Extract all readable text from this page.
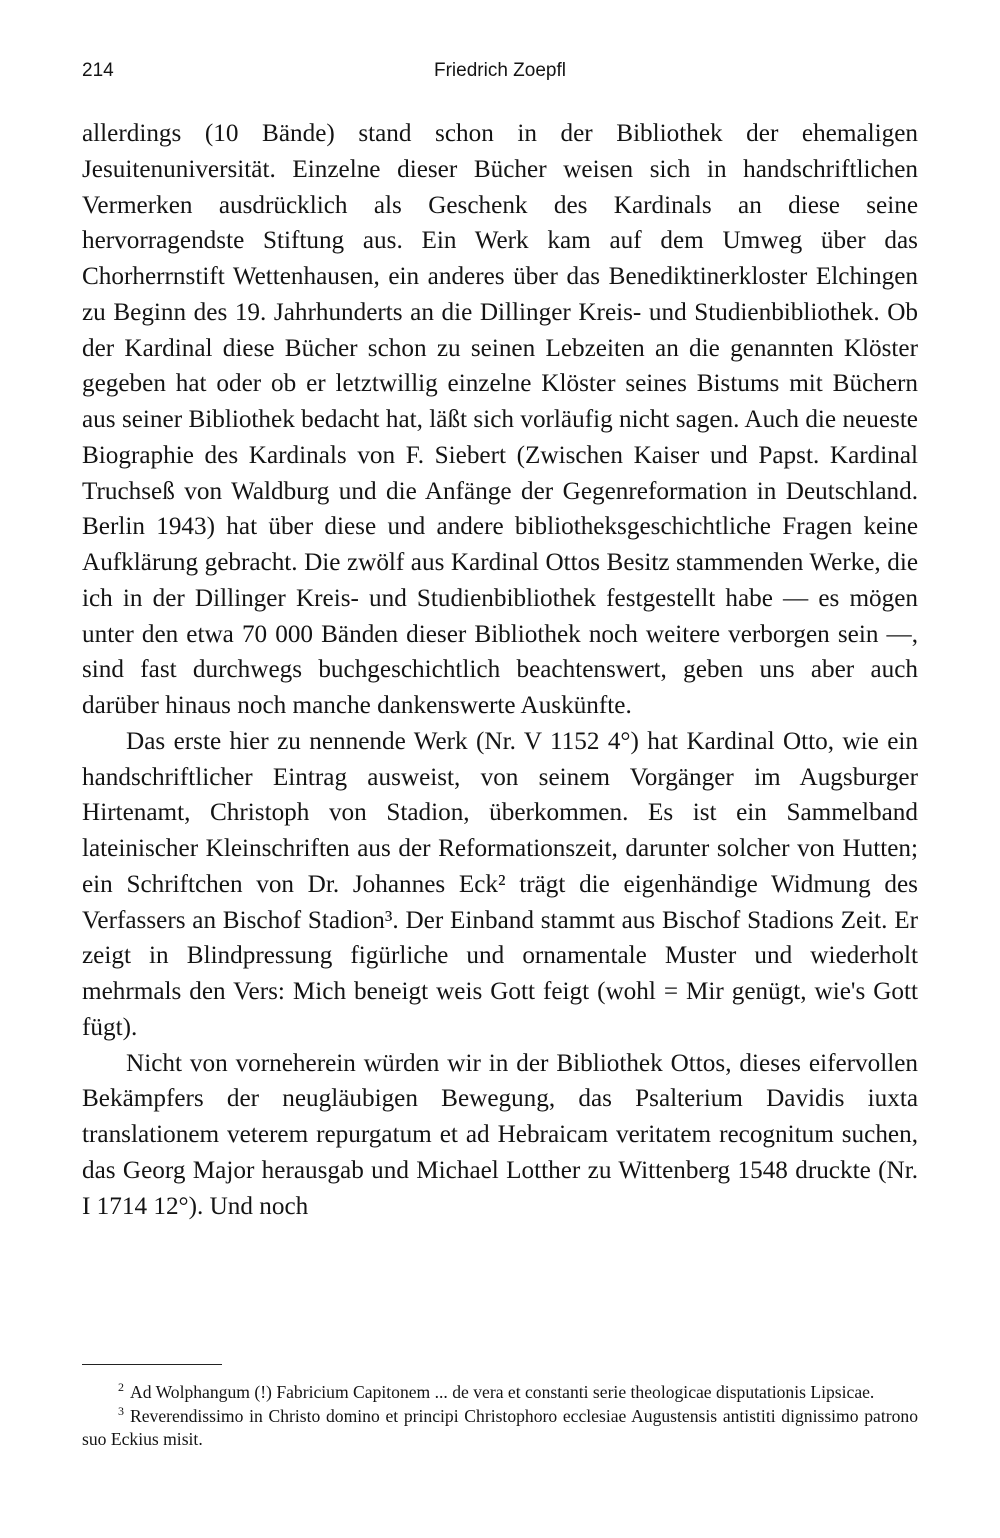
214	Friedrich Zoepfl

allerdings (10 Bände) stand schon in der Bibliothek der ehemaligen Jesuitenuniversität. Einzelne dieser Bücher weisen sich in handschriftlichen Vermerken ausdrücklich als Geschenk des Kardinals an diese seine hervorragendste Stiftung aus. Ein Werk kam auf dem Umweg über das Chorherrnstift Wettenhausen, ein anderes über das Benediktinerkloster Elchingen zu Beginn des 19. Jahrhunderts an die Dillinger Kreis- und Studienbibliothek. Ob der Kardinal diese Bücher schon zu seinen Lebzeiten an die genannten Klöster gegeben hat oder ob er letztwillig einzelne Klöster seines Bistums mit Büchern aus seiner Bibliothek bedacht hat, läßt sich vorläufig nicht sagen. Auch die neueste Biographie des Kardinals von F. Siebert (Zwischen Kaiser und Papst. Kardinal Truchseß von Waldburg und die Anfänge der Gegenreformation in Deutschland. Berlin 1943) hat über diese und andere bibliotheksgeschichtliche Fragen keine Aufklärung gebracht. Die zwölf aus Kardinal Ottos Besitz stammenden Werke, die ich in der Dillinger Kreis- und Studienbibliothek festgestellt habe — es mögen unter den etwa 70 000 Bänden dieser Bibliothek noch weitere verborgen sein —, sind fast durchwegs buchgeschichtlich beachtenswert, geben uns aber auch darüber hinaus noch manche dankenswerte Auskünfte.

Das erste hier zu nennende Werk (Nr. V 1152 4°) hat Kardinal Otto, wie ein handschriftlicher Eintrag ausweist, von seinem Vorgänger im Augsburger Hirtenamt, Christoph von Stadion, überkommen. Es ist ein Sammelband lateinischer Kleinschriften aus der Reformationszeit, darunter solcher von Hutten; ein Schriftchen von Dr. Johannes Eck² trägt die eigenhändige Widmung des Verfassers an Bischof Stadion³. Der Einband stammt aus Bischof Stadions Zeit. Er zeigt in Blindpressung figürliche und ornamentale Muster und wiederholt mehrmals den Vers: Mich beneigt weis Gott feigt (wohl = Mir genügt, wie's Gott fügt).

Nicht von vorneherein würden wir in der Bibliothek Ottos, dieses eifervollen Bekämpfers der neugläubigen Bewegung, das Psalterium Davidis iuxta translationem veterem repurgatum et ad Hebraicam veritatem recognitum suchen, das Georg Major herausgab und Michael Lotther zu Wittenberg 1548 druckte (Nr. I 1714 12°). Und noch

$^2$ Ad Wolphangum (!) Fabricium Capitonem ... de vera et constanti serie theologicae disputationis Lipsicae.

$^3$ Reverendissimo in Christo domino et principi Christophoro ecclesiae Augustensis antistiti dignissimo patrono suo Eckius misit.
